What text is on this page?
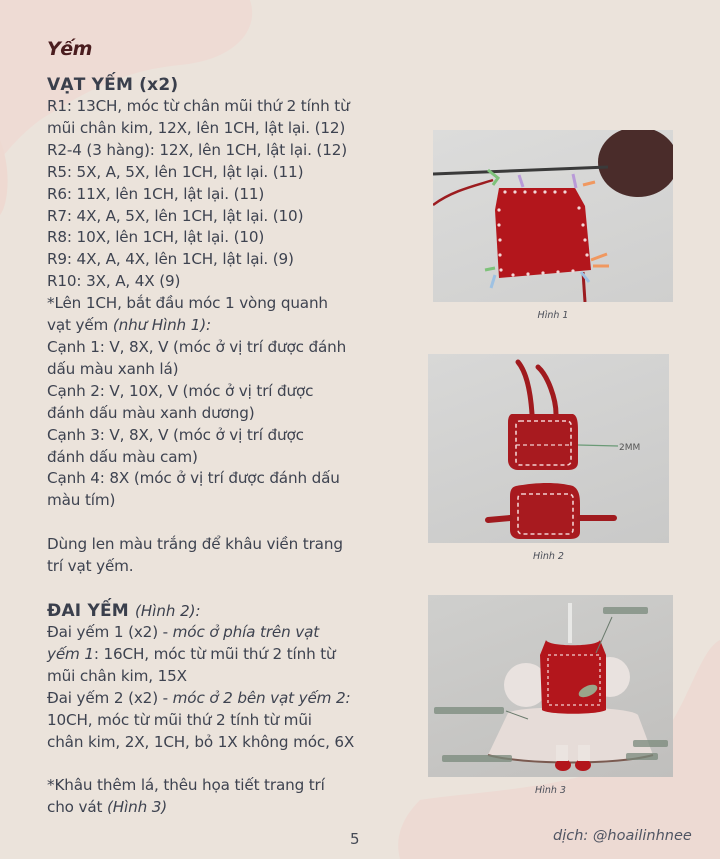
Yếm
VẠT YẾM (x2)
R1: 13CH, móc từ chân mũi thứ 2 tính từ
mũi chân kim, 12X, lên 1CH, lật lại. (12)
R2-4 (3 hàng): 12X, lên 1CH, lật lại. (12)
R5: 5X, A, 5X, lên 1CH, lật lại. (11)
R6: 11X, lên 1CH, lật lại. (11)
R7: 4X, A, 5X, lên 1CH, lật lại. (10)
R8: 10X, lên 1CH, lật lại. (10)
R9: 4X, A, 4X, lên 1CH, lật lại. (9)
R10: 3X, A, 4X (9)
*Lên 1CH, bắt đầu móc 1 vòng quanh
vạt yếm (như Hình 1):
Cạnh 1: V, 8X, V (móc ở vị trí được đánh
dấu màu xanh lá)
Cạnh 2: V, 10X, V (móc ở vị trí được
đánh dấu màu xanh dương)
Cạnh 3: V, 8X, V (móc ở vị trí được
đánh dấu màu cam)
Cạnh 4: 8X (móc ở vị trí được đánh dấu
màu tím)
Dùng len màu trắng để khâu viền trang
trí vạt yếm.
ĐAI YẾM (Hình 2):
Đai yếm 1 (x2) - móc ở phía trên vạt
yếm 1: 16CH, móc từ mũi thứ 2 tính từ
mũi chân kim, 15X
Đai yếm 2 (x2) - móc ở 2 bên vạt yếm 2:
10CH, móc từ mũi thứ 2 tính từ mũi
chân kim, 2X, 1CH, bỏ 1X không móc, 6X
*Khâu thêm lá, thêu họa tiết trang trí
cho vát (Hình 3)
Hình 1
2MM
Hình 2
Hình 3
5	dịch: @hoailinhnee
